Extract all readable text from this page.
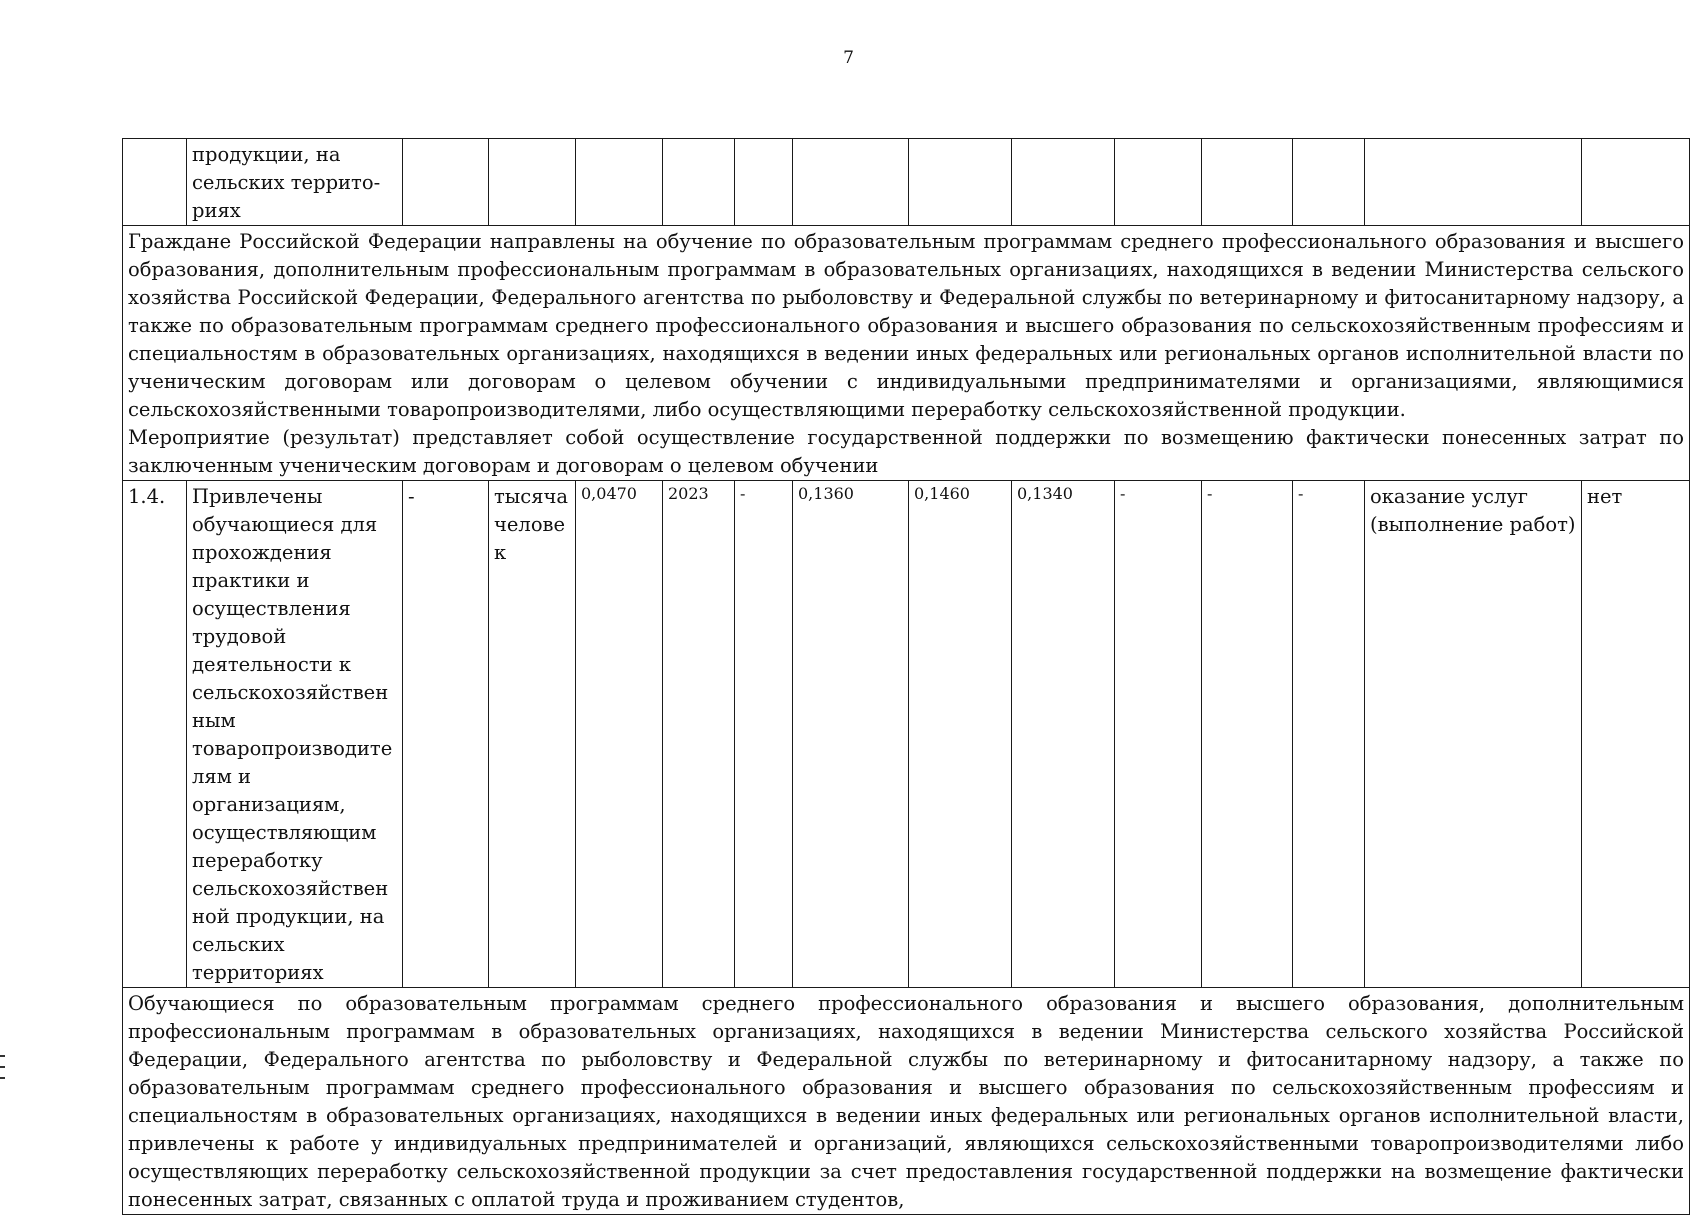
7
	продукции, на сельских террито-риях													

Граждане Российской Федерации направлены на обучение по образовательным программам среднего профессионального образования и высшего образования, дополнительным профессиональным программам в образовательных организациях, находящихся в ведении Министерства сельского хозяйства Российской Федерации, Федерального агентства по рыболовству и Федеральной службы по ветеринарному и фитосанитарному надзору, а также по образовательным программам среднего профессионального образования и высшего образования по сельскохозяйственным профессиям и специальностям в образовательных организациях, находящихся в ведении иных федеральных или региональных органов исполнительной власти по ученическим договорам или договорам о целевом обучении с индивидуальными предпринимателями и организациями, являющимися сельскохозяйственными товаропроизводителями, либо осуществляющими переработку сельскохозяйственной продукции.
Мероприятие (результат) представляет собой осуществление государственной поддержки по возмещению фактически понесенных затрат по заключенным ученическим договорам и договорам о целевом обучении														

1.4.	Привлечены обучающиеся для прохождения практики и осуществления трудовой деятельности к сельскохозяйственным товаропроизводителям и организациям, осуществляющим переработку сельскохозяйственной продукции, на сельских территориях	-	тысяча человек	0,0470	2023	-	0,1360	0,1460	0,1340	-	-	-	оказание услуг (выполнение работ)	нет

Обучающиеся по образовательным программам среднего профессионального образования и высшего образования, дополнительным профессиональным программам в образовательных организациях, находящихся в ведении Министерства сельского хозяйства Российской Федерации, Федерального агентства по рыболовству и Федеральной службы по ветеринарному и фитосанитарному надзору, а также по образовательным программам среднего профессионального образования и высшего образования по сельскохозяйственным профессиям и специальностям в образовательных организациях, находящихся в ведении иных федеральных или региональных органов исполнительной власти, привлечены к работе у индивидуальных предпринимателей и организаций, являющихся сельскохозяйственными товаропроизводителями либо осуществляющих переработку сельскохозяйственной продукции за счет предоставления государственной поддержки на возмещение фактически понесенных затрат, связанных с оплатой труда и проживанием студентов,														
